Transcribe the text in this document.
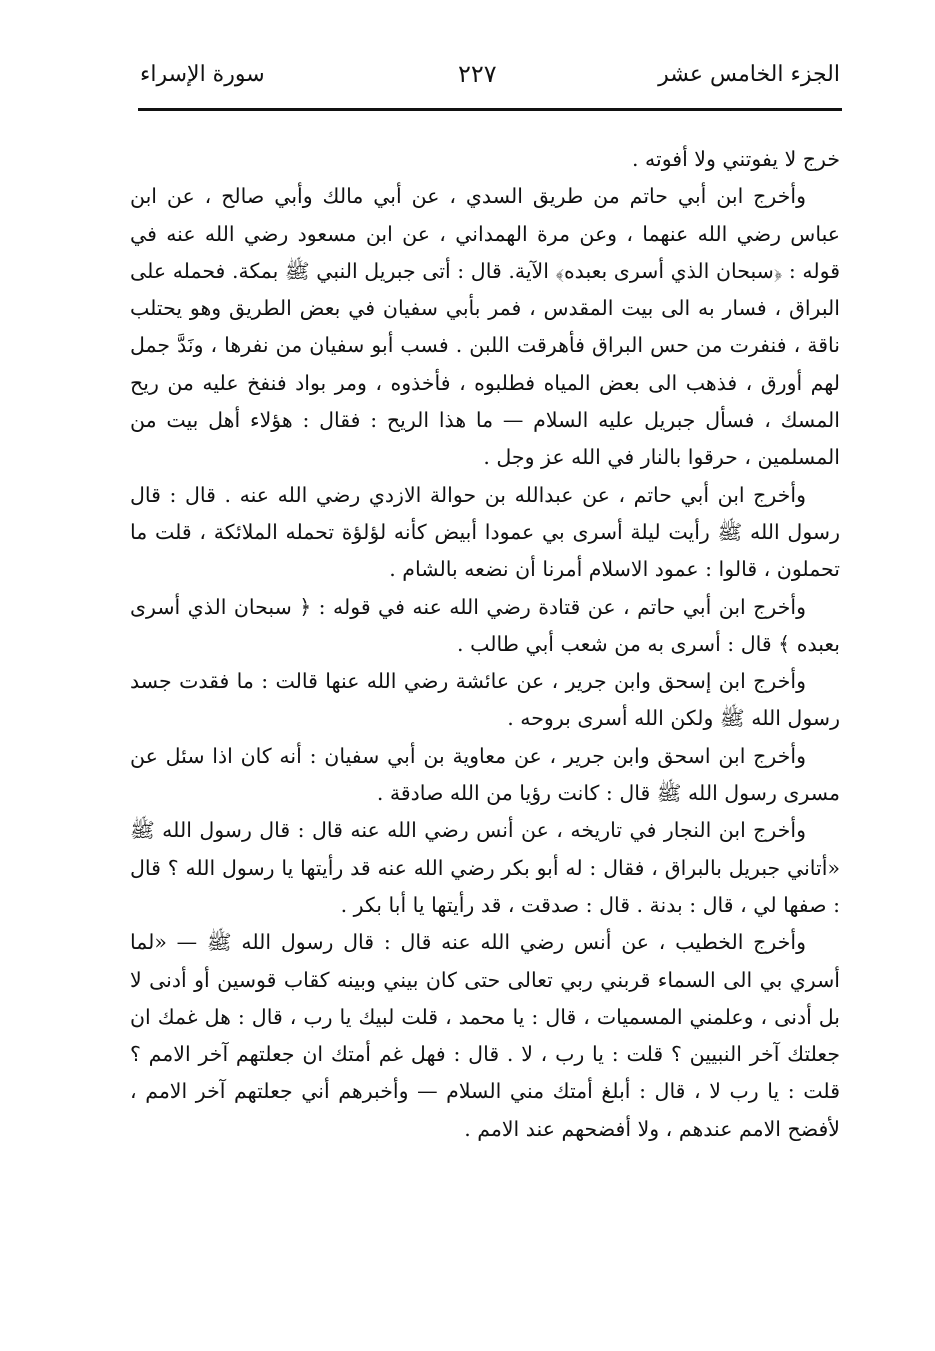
الجزء الخامس عشر
٢٢٧
سورة الإسراء

خرج لا يفوتني ولا أفوته .

وأخرج ابن أبي حاتم من طريق السدي ، عن أبي مالك وأبي صالح ، عن ابن عباس رضي الله عنهما ، وعن مرة الهمداني ، عن ابن مسعود رضي الله عنه في قوله : ﴿سبحان الذي أسرى بعبده﴾ الآية. قال : أتى جبريل النبي ﷺ بمكة. فحمله على البراق ، فسار به الى بيت المقدس ، فمر بأبي سفيان في بعض الطريق وهو يحتلب ناقة ، فنفرت من حس البراق فأهرقت اللبن . فسب أبو سفيان من نفرها ، ونَدَّ جمل لهم أورق ، فذهب الى بعض المياه فطلبوه ، فأخذوه ، ومر بواد فنفخ عليه من ريح المسك ، فسأل جبريل عليه السلام — ما هذا الريح : فقال : هؤلاء أهل بيت من المسلمين ، حرقوا بالنار في الله عز وجل .

وأخرج ابن أبي حاتم ، عن عبدالله بن حوالة الازدي رضي الله عنه . قال : قال رسول الله ﷺ رأيت ليلة أسرى بي عمودا أبيض كأنه لؤلؤة تحمله الملائكة ، قلت ما تحملون ، قالوا : عمود الاسلام أمرنا أن نضعه بالشام .

وأخرج ابن أبي حاتم ، عن قتادة رضي الله عنه في قوله : ﴿ سبحان الذي أسرى بعبده ﴾ قال : أسرى به من شعب أبي طالب .

وأخرج ابن إسحق وابن جرير ، عن عائشة رضي الله عنها قالت : ما فقدت جسد رسول الله ﷺ ولكن الله أسرى بروحه .

وأخرج ابن اسحق وابن جرير ، عن معاوية بن أبي سفيان : أنه كان اذا سئل عن مسرى رسول الله ﷺ قال : كانت رؤيا من الله صادقة .

وأخرج ابن النجار في تاريخه ، عن أنس رضي الله عنه قال : قال رسول الله ﷺ «أتاني جبريل بالبراق ، فقال : له أبو بكر رضي الله عنه قد رأيتها يا رسول الله ؟ قال : صفها لي ، قال : بدنة . قال : صدقت ، قد رأيتها يا أبا بكر .

وأخرج الخطيب ، عن أنس رضي الله عنه قال : قال رسول الله ﷺ — «لما أسري بي الى السماء قربني ربي تعالى حتى كان بيني وبينه كقاب قوسين أو أدنى لا بل أدنى ، وعلمني المسميات ، قال : يا محمد ، قلت لبيك يا رب ، قال : هل غمك ان جعلتك آخر النبيين ؟ قلت : يا رب ، لا . قال : فهل غم أمتك ان جعلتهم آخر الامم ؟ قلت : يا رب لا ، قال : أبلغ أمتك مني السلام — وأخبرهم أني جعلتهم آخر الامم ، لأفضح الامم عندهم ، ولا أفضحهم عند الامم .
